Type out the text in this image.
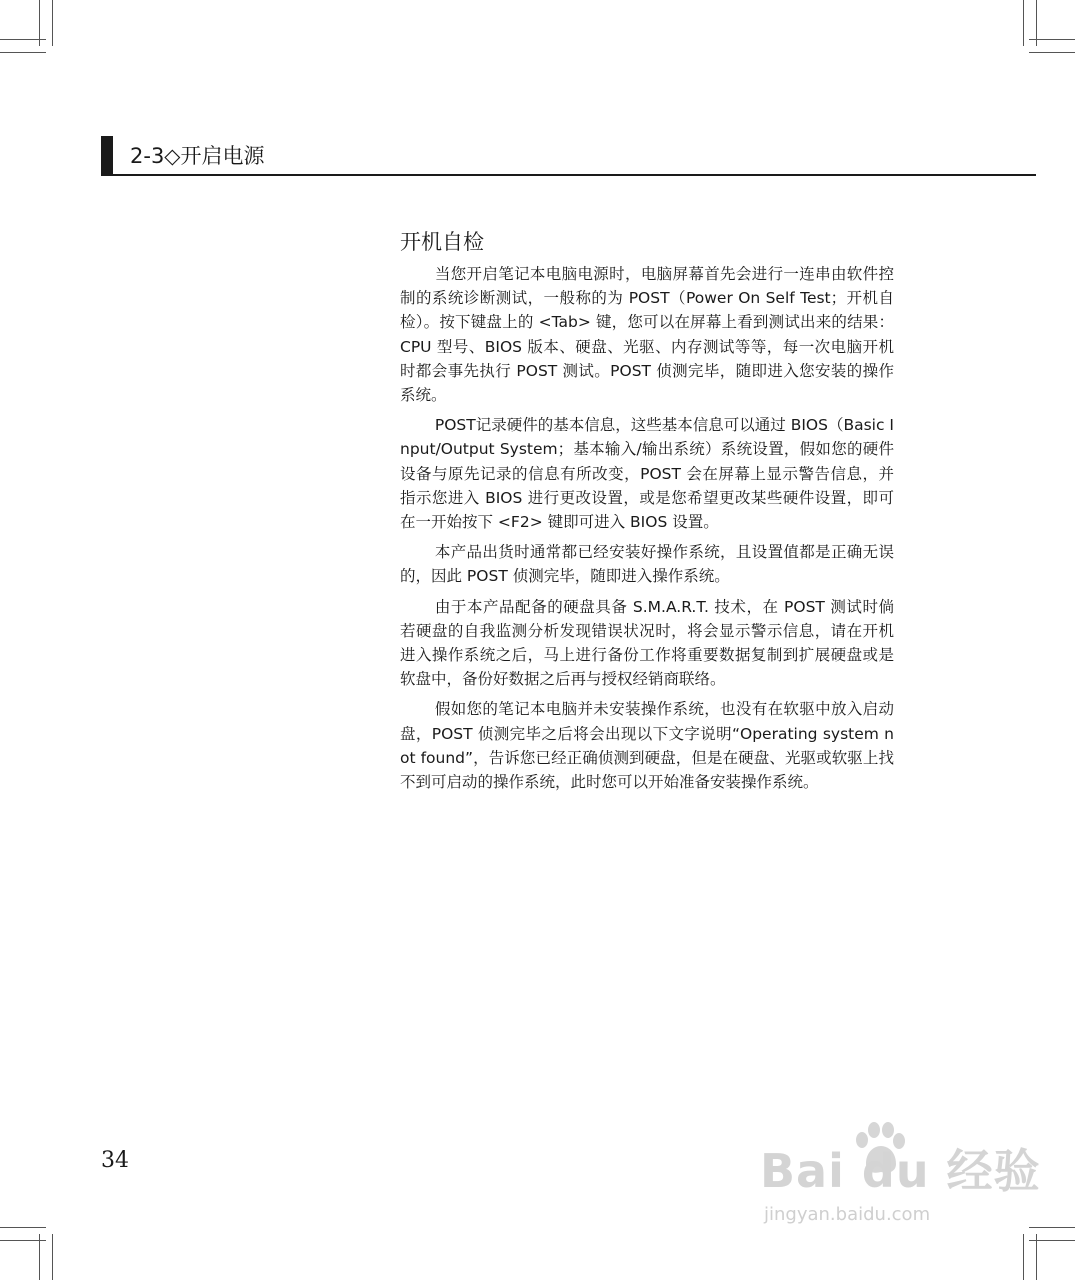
2-3◇开启电源
开机自检

当您开启笔记本电脑电源时，电脑屏幕首先会进行一连串由软件控制的系统诊断测试，一般称的为 POST（Power On Self Test；开机自检）。按下键盘上的 <Tab> 键，您可以在屏幕上看到测试出来的结果：CPU 型号、BIOS 版本、硬盘、光驱、内存测试等等，每一次电脑开机时都会事先执行 POST 测试。POST 侦测完毕，随即进入您安装的操作系统。

POST记录硬件的基本信息，这些基本信息可以通过 BIOS（Basic Input/Output System；基本输入/输出系统）系统设置，假如您的硬件设备与原先记录的信息有所改变，POST 会在屏幕上显示警告信息，并指示您进入 BIOS 进行更改设置，或是您希望更改某些硬件设置，即可在一开始按下 <F2> 键即可进入 BIOS 设置。

本产品出货时通常都已经安装好操作系统，且设置值都是正确无误的，因此 POST 侦测完毕，随即进入操作系统。

由于本产品配备的硬盘具备 S.M.A.R.T. 技术，在 POST 测试时倘若硬盘的自我监测分析发现错误状况时，将会显示警示信息，请在开机进入操作系统之后，马上进行备份工作将重要数据复制到扩展硬盘或是软盘中，备份好数据之后再与授权经销商联络。

假如您的笔记本电脑并未安装操作系统，也没有在软驱中放入启动盘，POST 侦测完毕之后将会出现以下文字说明“Operating system not found”，告诉您已经正确侦测到硬盘，但是在硬盘、光驱或软驱上找不到可启动的操作系统，此时您可以开始准备安装操作系统。

34	Bai du 经验
jingyan.baidu.com
